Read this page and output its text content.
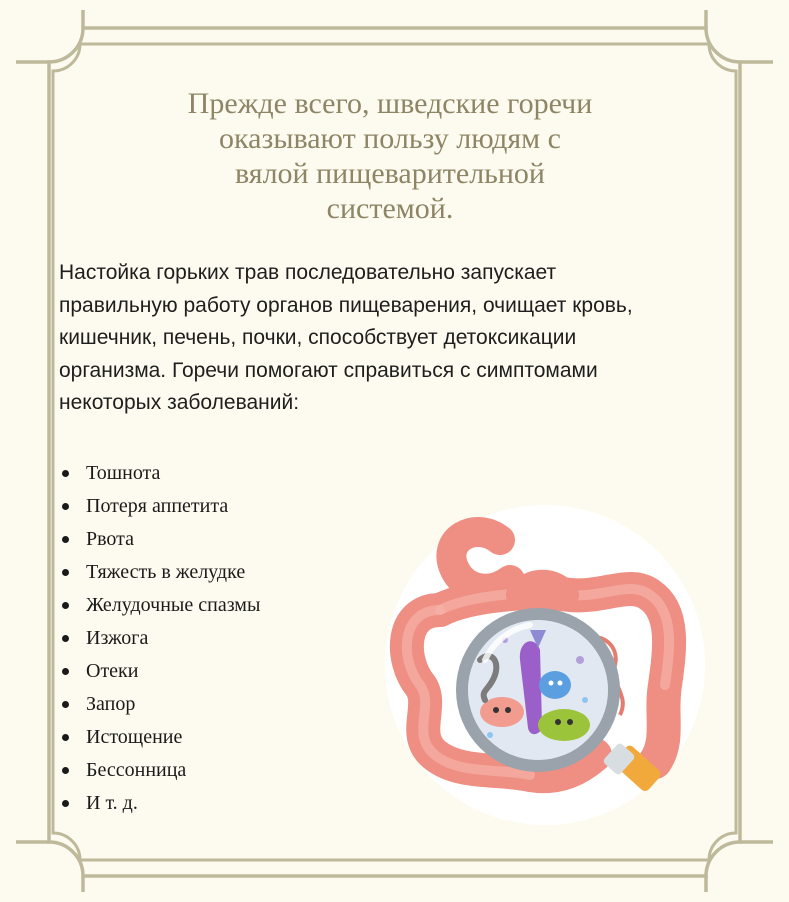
Прежде всего, шведские горечи
оказывают пользу людям с
вялой пищеварительной
системой.
Настойка горьких трав последовательно запускает
правильную работу органов пищеварения, очищает кровь,
кишечник, печень, почки, способствует детоксикации
организма. Горечи помогают справиться с симптомами
некоторых заболеваний:
Тошнота
Потеря аппетита
Рвота
Тяжесть в желудке
Желудочные спазмы
Изжога
Отеки
Запор
Истощение
Бессонница
И т. д.
